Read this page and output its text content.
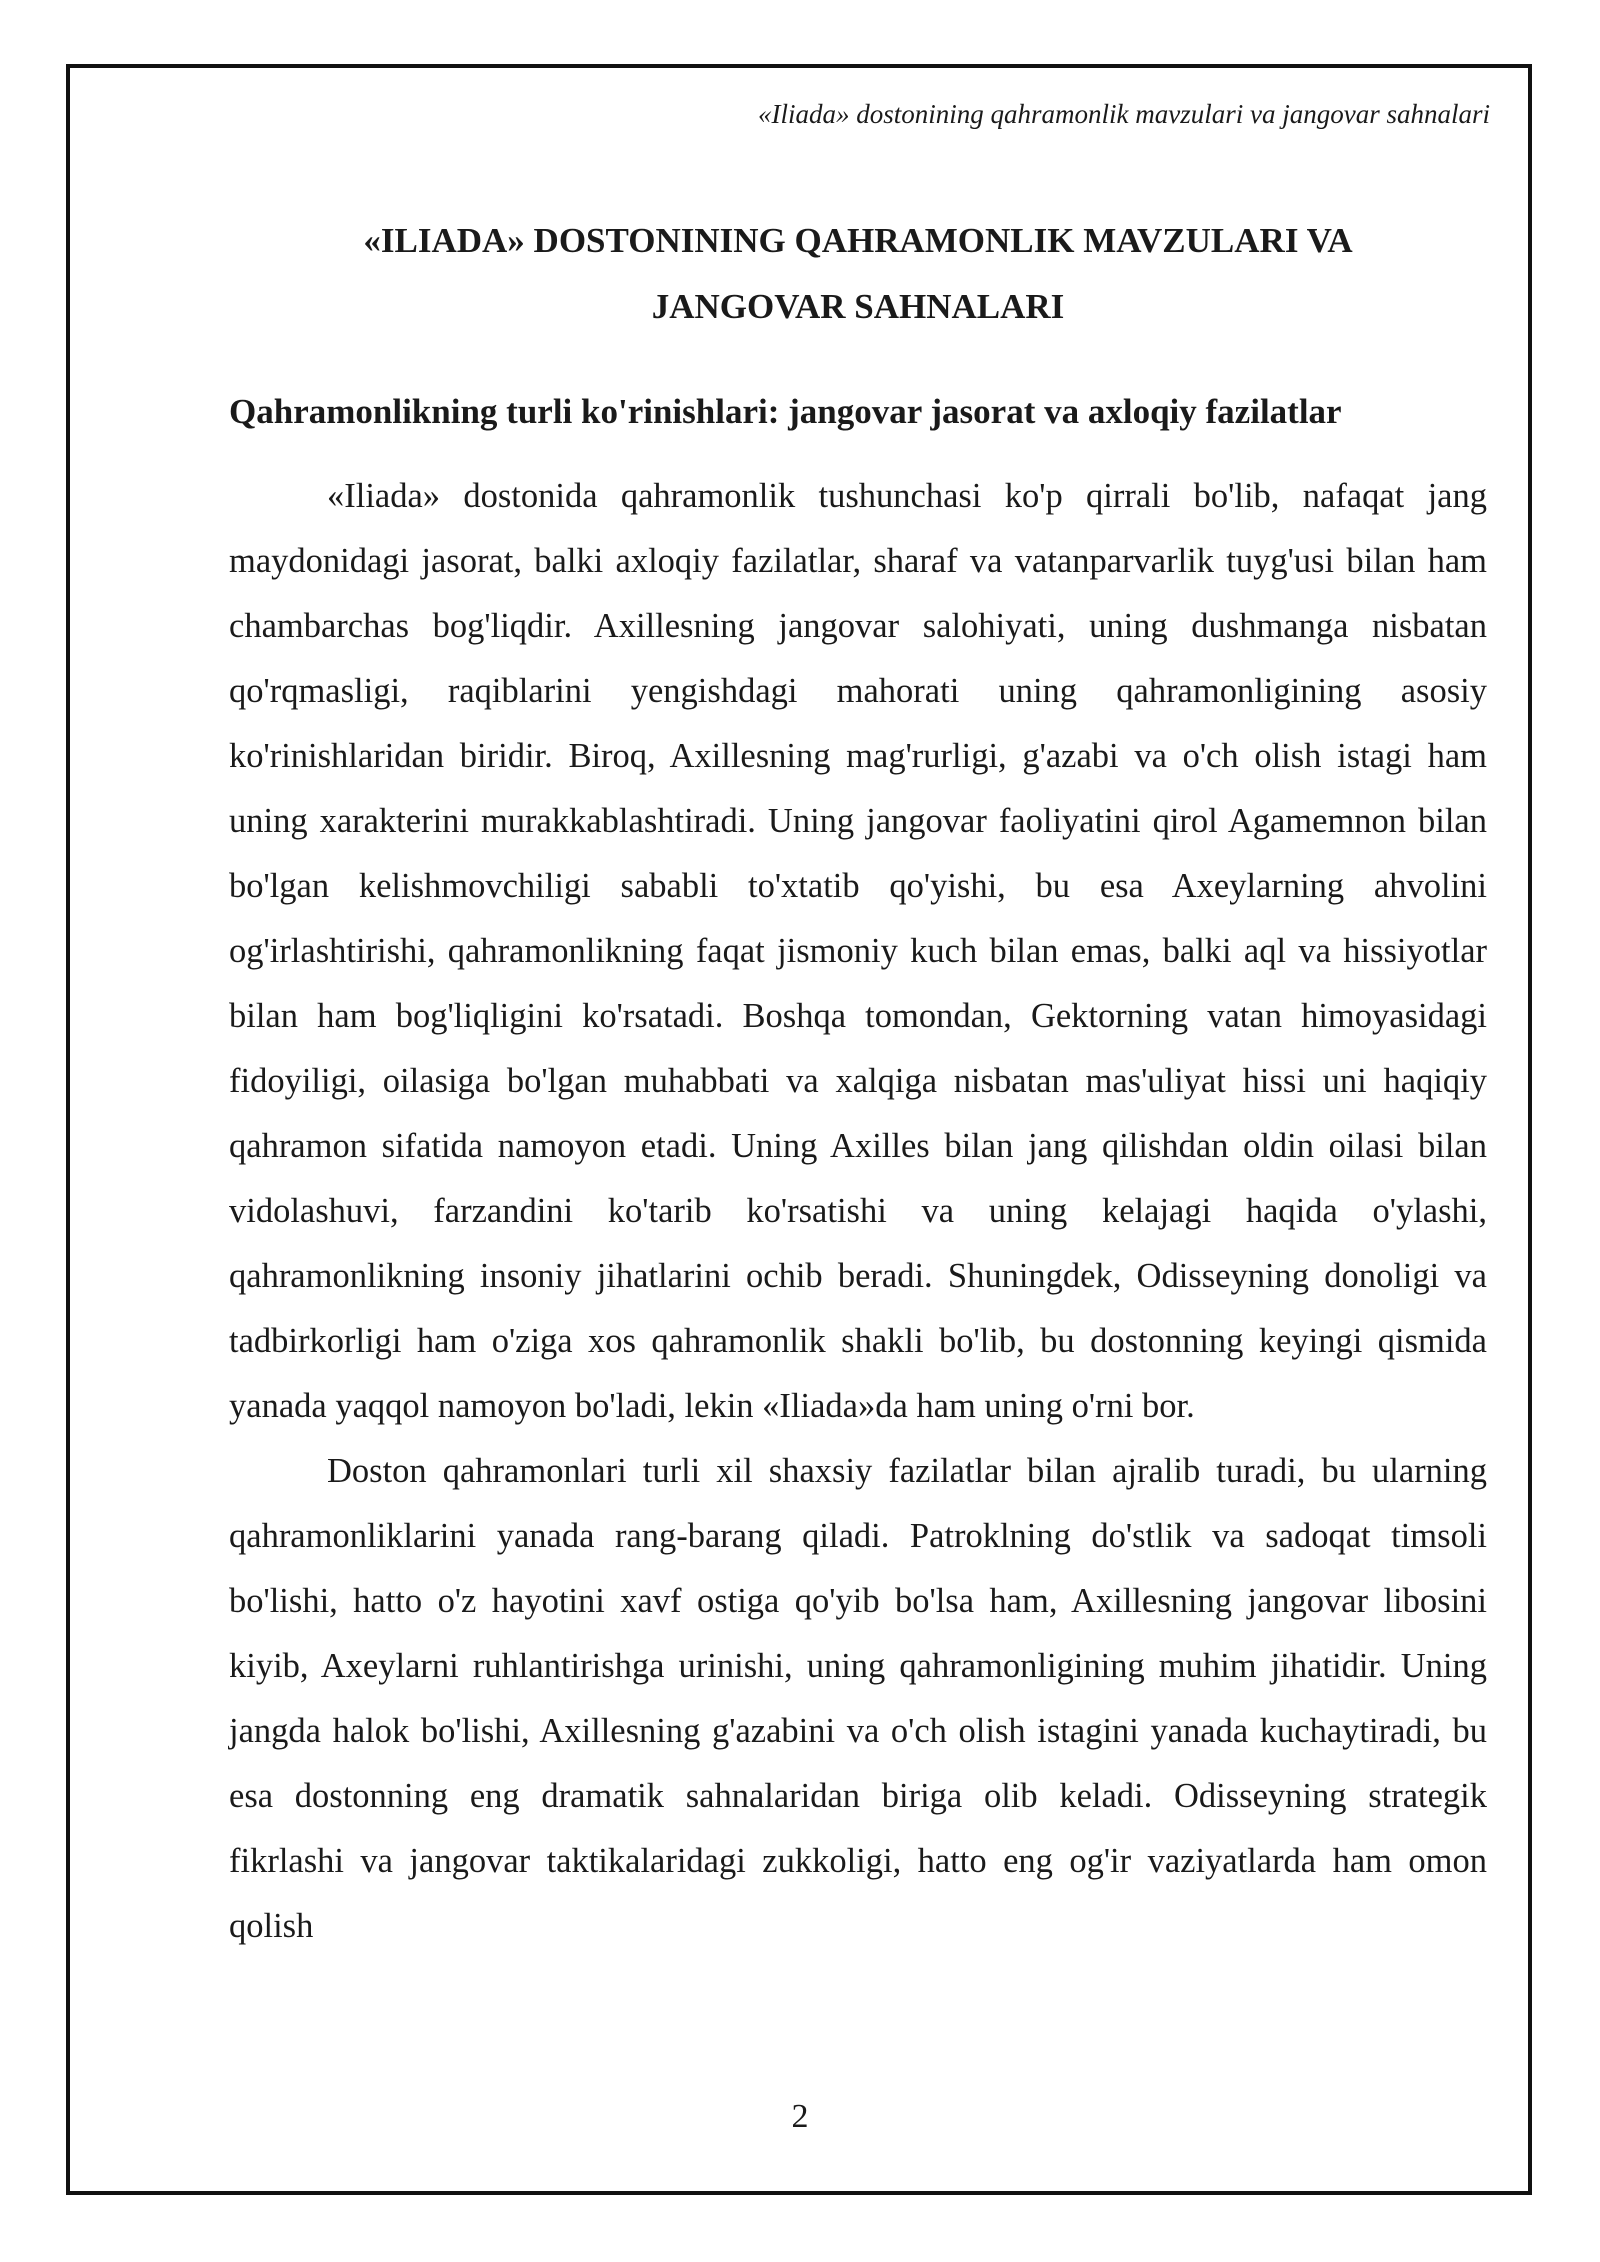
«Iliada» dostonining qahramonlik mavzulari va jangovar sahnalari
«ILIADA» DOSTONINING QAHRAMONLIK MAVZULARI VA
JANGOVAR SAHNALARI
Qahramonlikning turli ko'rinishlari: jangovar jasorat va axloqiy fazilatlar

«Iliada» dostonida qahramonlik tushunchasi ko'p qirrali bo'lib, nafaqat jang maydonidagi jasorat, balki axloqiy fazilatlar, sharaf va vatanparvarlik tuyg'usi bilan ham chambarchas bog'liqdir. Axillesning jangovar salohiyati, uning dushmanga nisbatan qo'rqmasligi, raqiblarini yengishdagi mahorati uning qahramonligining asosiy ko'rinishlaridan biridir. Biroq, Axillesning mag'rurligi, g'azabi va o'ch olish istagi ham uning xarakterini murakkablashtiradi. Uning jangovar faoliyatini qirol Agamemnon bilan bo'lgan kelishmovchiligi sababli to'xtatib qo'yishi, bu esa Axeylarning ahvolini og'irlashtirishi, qahramonlikning faqat jismoniy kuch bilan emas, balki aql va hissiyotlar bilan ham bog'liqligini ko'rsatadi. Boshqa tomondan, Gektorning vatan himoyasidagi fidoyiligi, oilasiga bo'lgan muhabbati va xalqiga nisbatan mas'uliyat hissi uni haqiqiy qahramon sifatida namoyon etadi. Uning Axilles bilan jang qilishdan oldin oilasi bilan vidolashuvi, farzandini ko'tarib ko'rsatishi va uning kelajagi haqida o'ylashi, qahramonlikning insoniy jihatlarini ochib beradi. Shuningdek, Odisseyning donoligi va tadbirkorligi ham o'ziga xos qahramonlik shakli bo'lib, bu dostonning keyingi qismida yanada yaqqol namoyon bo'ladi, lekin «Iliada»da ham uning o'rni bor.

Doston qahramonlari turli xil shaxsiy fazilatlar bilan ajralib turadi, bu ularning qahramonliklarini yanada rang-barang qiladi. Patroklning do'stlik va sadoqat timsoli bo'lishi, hatto o'z hayotini xavf ostiga qo'yib bo'lsa ham, Axillesning jangovar libosini kiyib, Axeylarni ruhlantirishga urinishi, uning qahramonligining muhim jihatidir. Uning jangda halok bo'lishi, Axillesning g'azabini va o'ch olish istagini yanada kuchaytiradi, bu esa dostonning eng dramatik sahnalaridan biriga olib keladi. Odisseyning strategik fikrlashi va jangovar taktikalaridagi zukkoligi, hatto eng og'ir vaziyatlarda ham omon qolish

2
